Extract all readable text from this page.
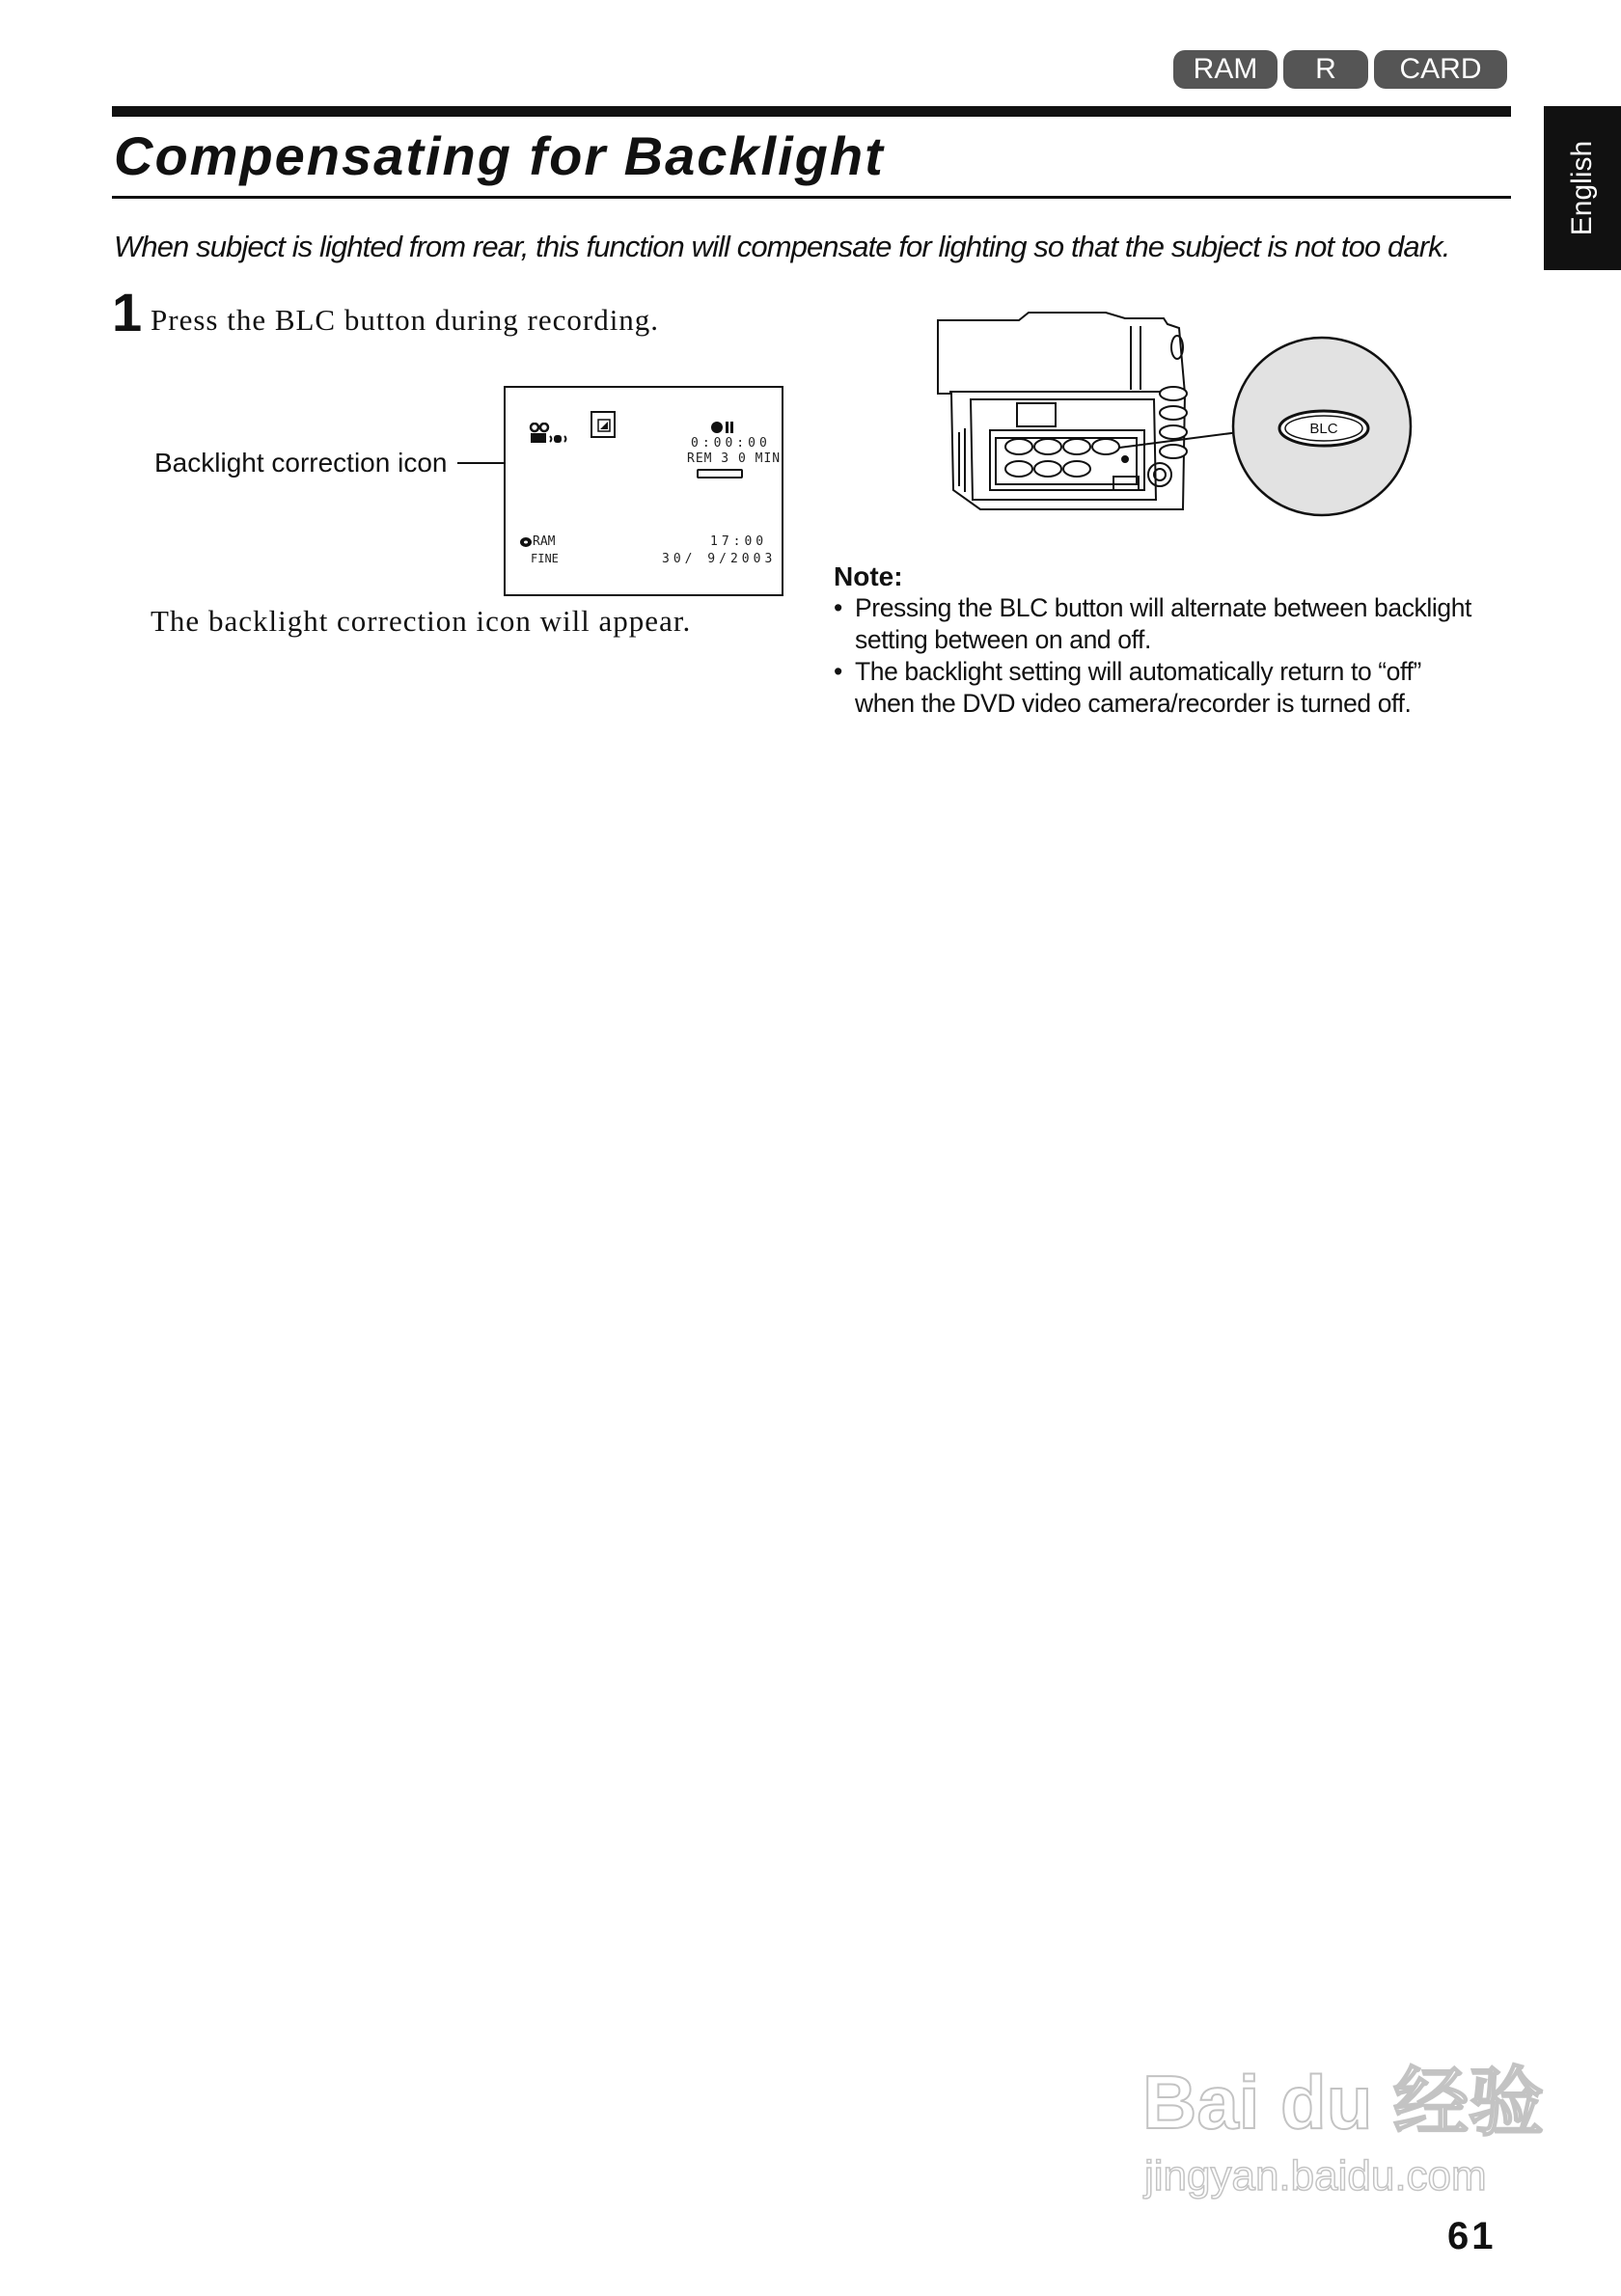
RAM	R	CARD
Compensating for Backlight	English

When subject is lighted from rear, this function will compensate for lighting so that the subject is not too dark.

1 Press the BLC button during recording.
Backlight correction icon
0:00:00
REM 3 0 MIN
RAM
FINE
17:00
30/ 9/2003
The backlight correction icon will appear.
BLC
Note:
• Pressing the BLC button will alternate between backlight
setting between on and off.
• The backlight setting will automatically return to “off”
when the DVD video camera/recorder is turned off.
Bai du 经验
jingyan.baidu.com
61
